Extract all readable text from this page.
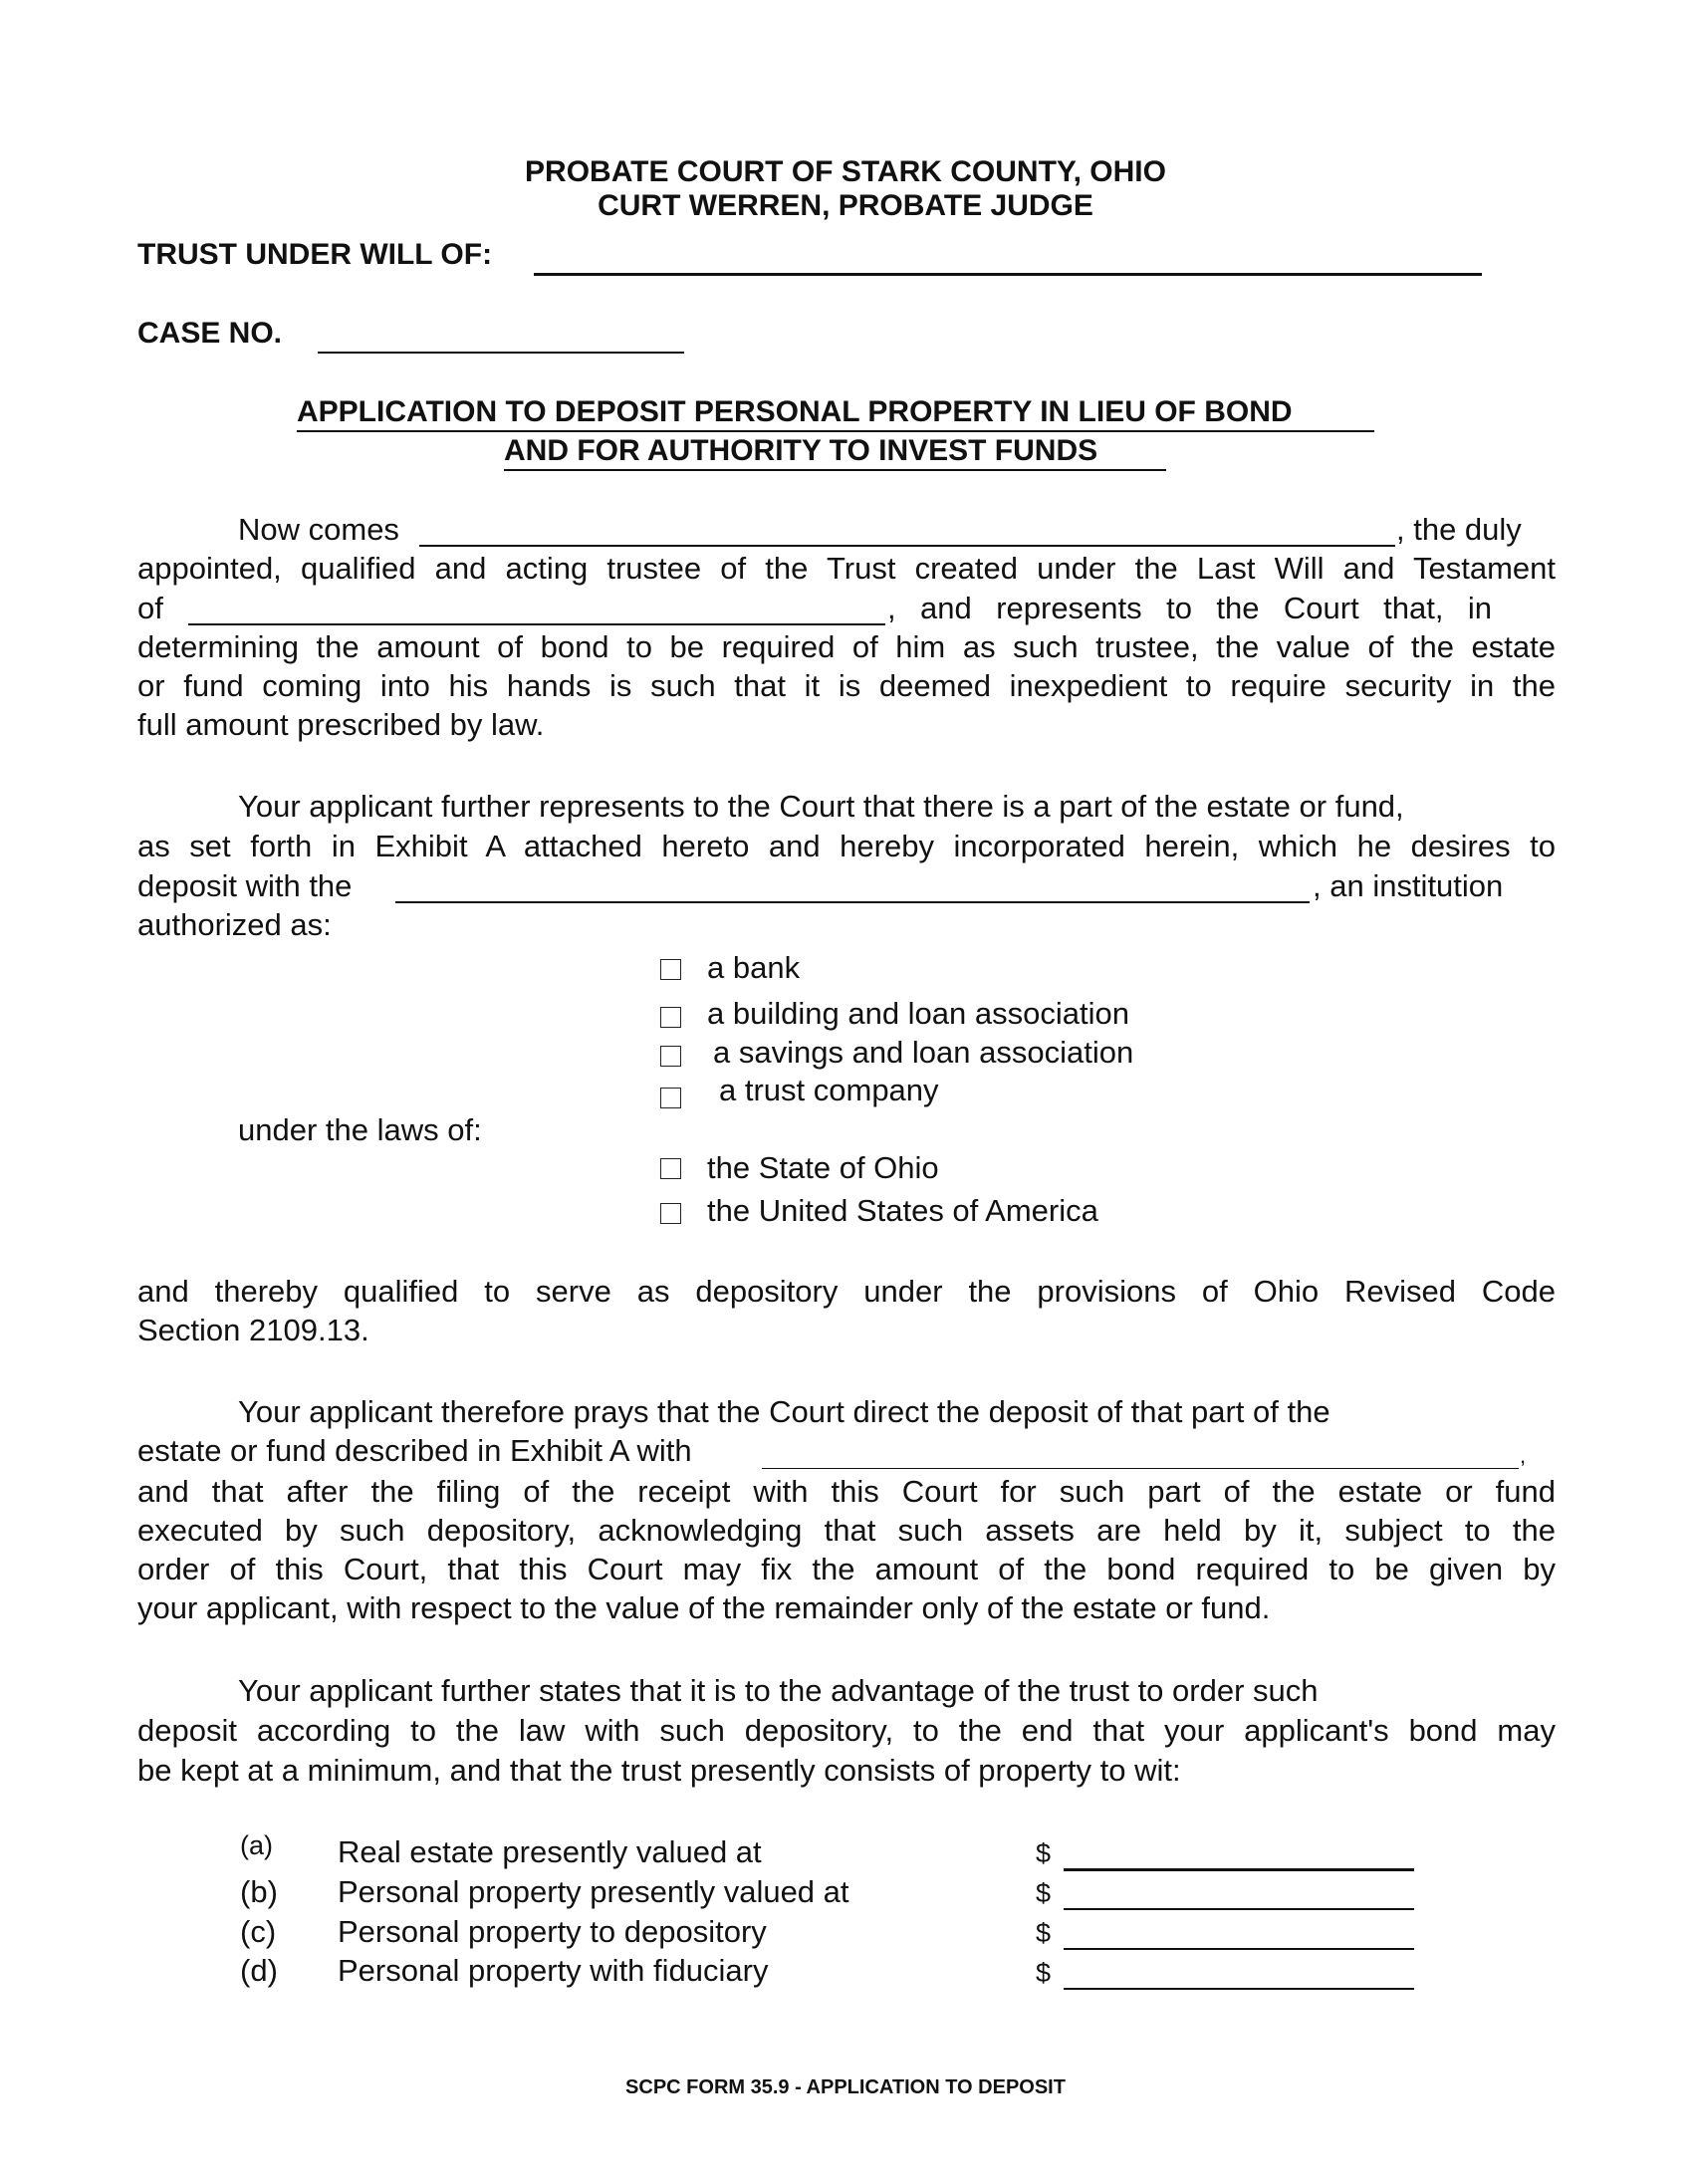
PROBATE COURT OF STARK COUNTY, OHIO
CURT WERREN, PROBATE JUDGE
TRUST UNDER WILL OF:
CASE NO.
APPLICATION TO DEPOSIT PERSONAL PROPERTY IN LIEU OF BOND
AND FOR AUTHORITY TO INVEST FUNDS
Now comes	, the duly
appointed, qualified and acting trustee of the Trust created under the Last Will and Testament
of	, and represents to the Court that, in
determining the amount of bond to be required of him as such trustee, the value of the estate
or fund coming into his hands is such that it is deemed inexpedient to require security in the
full amount prescribed by law.
Your applicant further represents to the Court that there is a part of the estate or fund,
as set forth in Exhibit A attached hereto and hereby incorporated herein, which he desires to
deposit with the	, an institution
authorized as:
a bank
a building and loan association
a savings and loan association
a trust company
under the laws of:
the State of Ohio
the United States of America
and thereby qualified to serve as depository under the provisions of Ohio Revised Code
Section 2109.13.
Your applicant therefore prays that the Court direct the deposit of that part of the
estate or fund described in Exhibit A with	,
and that after the filing of the receipt with this Court for such part of the estate or fund
executed by such depository, acknowledging that such assets are held by it, subject to the
order of this Court, that this Court may fix the amount of the bond required to be given by
your applicant, with respect to the value of the remainder only of the estate or fund.
Your applicant further states that it is to the advantage of the trust to order such
deposit according to the law with such depository, to the end that your applicant's bond may
be kept at a minimum, and that the trust presently consists of property to wit:
(a) Real estate presently valued at	$
(b) Personal property presently valued at	$
(c) Personal property to depository	$
(d) Personal property with fiduciary	$
SCPC FORM 35.9 - APPLICATION TO DEPOSIT
